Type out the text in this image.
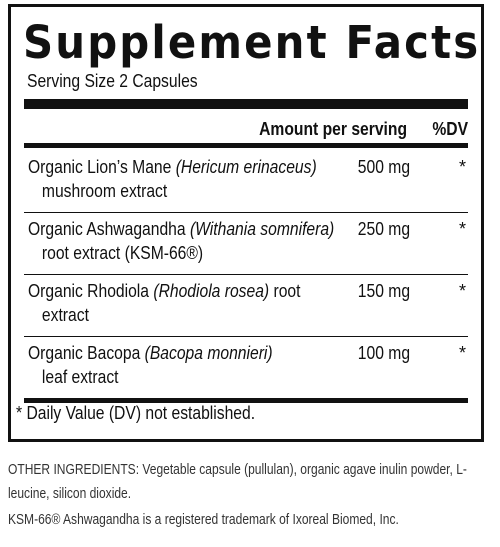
Supplement Facts
Serving Size 2 Capsules
Amount per serving %DV
Organic Lion’s Mane (Hericum erinaceus)
mushroom extract
500 mg	*
Organic Ashwagandha (Withania somnifera)
root extract (KSM-66®)
250 mg	*
Organic Rhodiola (Rhodiola rosea) root
extract
150 mg	*
Organic Bacopa (Bacopa monnieri)
leaf extract
100 mg	*
* Daily Value (DV) not established.
OTHER INGREDIENTS: Vegetable capsule (pullulan), organic agave inulin powder, L-leucine, silicon dioxide.
KSM-66® Ashwagandha is a registered trademark of Ixoreal Biomed, Inc.
